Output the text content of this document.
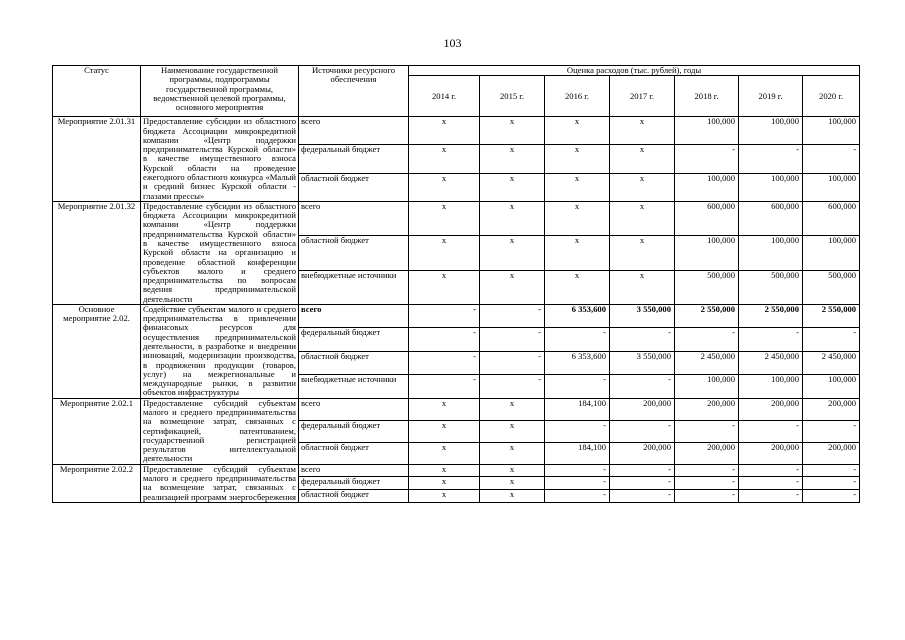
103
Статус	Наименование государственной программы, подпрограммы государственной программы, ведомственной целевой программы, основного мероприятия	Источники ресурсного обеспечения	Оценка расходов (тыс. рублей), годы						
			2014 г.	2015 г.	2016 г.	2017 г.	2018 г.	2019 г.	2020 г.
Мероприятие 2.01.31	Предоставление субсидии из областного бюджета Ассоциации микрокредитной компании «Центр поддержки предпринимательства Курской области» в качестве имущественного взноса Курской области на проведение ежегодного областного конкурса «Малый и средний бизнес Курской области - глазами прессы»	всего	x	x	x	x	100,000	100,000	100,000
		федеральный бюджет	x	x	x	x	-	-	-
		областной бюджет	x	x	x	x	100,000	100,000	100,000
Мероприятие 2.01.32	Предоставление субсидии из областного бюджета Ассоциации микрокредитной компании «Центр поддержки предпринимательства Курской области» в качестве имущественного взноса Курской области на организацию и проведение областной конференции субъектов малого и среднего предпринимательства по вопросам ведения предпринимательской деятельности	всего	x	x	x	x	600,000	600,000	600,000
		областной бюджет	x	x	x	x	100,000	100,000	100,000
		внебюджетные источники	x	x	x	x	500,000	500,000	500,000
Основное мероприятие 2.02.	Содействие субъектам малого и среднего предпринимательства в привлечении финансовых ресурсов для осуществления предпринимательской деятельности, в разработке и внедрении инноваций, модернизации производства, в продвижении продукции (товаров, услуг) на межрегиональные и международные рынки, в развитии объектов инфраструктуры	всего	-	-	6 353,600	3 550,000	2 550,000	2 550,000	2 550,000
		федеральный бюджет	-	-	-	-	-	-	-
		областной бюджет	-	-	6 353,600	3 550,000	2 450,000	2 450,000	2 450,000
		внебюджетные источники	-	-	-	-	100,000	100,000	100,000
Мероприятие 2.02.1	Предоставление субсидий субъектам малого и среднего предпринимательства на возмещение затрат, связанных с сертификацией, патентованием, государственной регистрацией результатов интеллектуальной деятельности	всего	x	x	184,100	200,000	200,000	200,000	200,000
		федеральный бюджет	x	x	-	-	-	-	-
		областной бюджет	x	x	184,100	200,000	200,000	200,000	200,000
Мероприятие 2.02.2	Предоставление субсидий субъектам малого и среднего предпринимательства на возмещение затрат, связанных с реализацией программ энергосбережения	всего	x	x	-	-	-	-	-
		федеральный бюджет	x	x	-	-	-	-	-
		областной бюджет	x	x	-	-	-	-	-
